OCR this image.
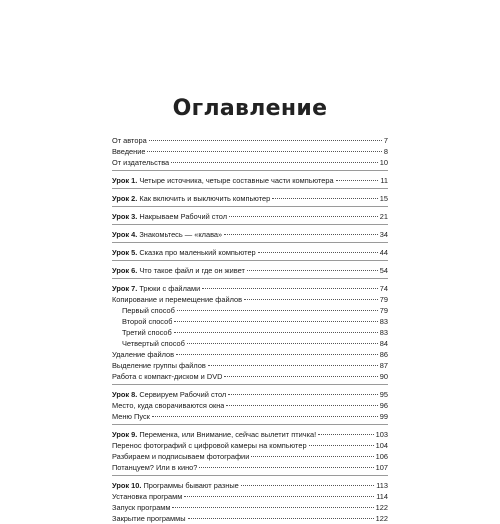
Оглавление
От автора	7
Введение	8
От издательства	10
Урок 1. Четыре источника, четыре составные части компьютера	11
Урок 2. Как включить и выключить компьютер	15
Урок 3. Накрываем Рабочий стол	21
Урок 4. Знакомьтесь — «клава»	34
Урок 5. Сказка про маленький компьютер	44
Урок 6. Что такое файл и где он живет	54
Урок 7. Трюки с файлами	74
Копирование и перемещение файлов	79
Первый способ	79
Второй способ	83
Третий способ	83
Четвертый способ	84
Удаление файлов	86
Выделение группы файлов	87
Работа с компакт-диском и DVD	90
Урок 8. Сервируем Рабочий стол	95
Место, куда сворачиваются окна	96
Меню Пуск	99
Урок 9. Переменка, или Внимание, сейчас вылетит птичка!	103
Перенос фотографий с цифровой камеры на компьютер	104
Разбираем и подписываем фотографии	106
Потанцуем? Или в кино?	107
Урок 10. Программы бывают разные	113
Установка программ	114
Запуск программ	122
Закрытие программы	122
